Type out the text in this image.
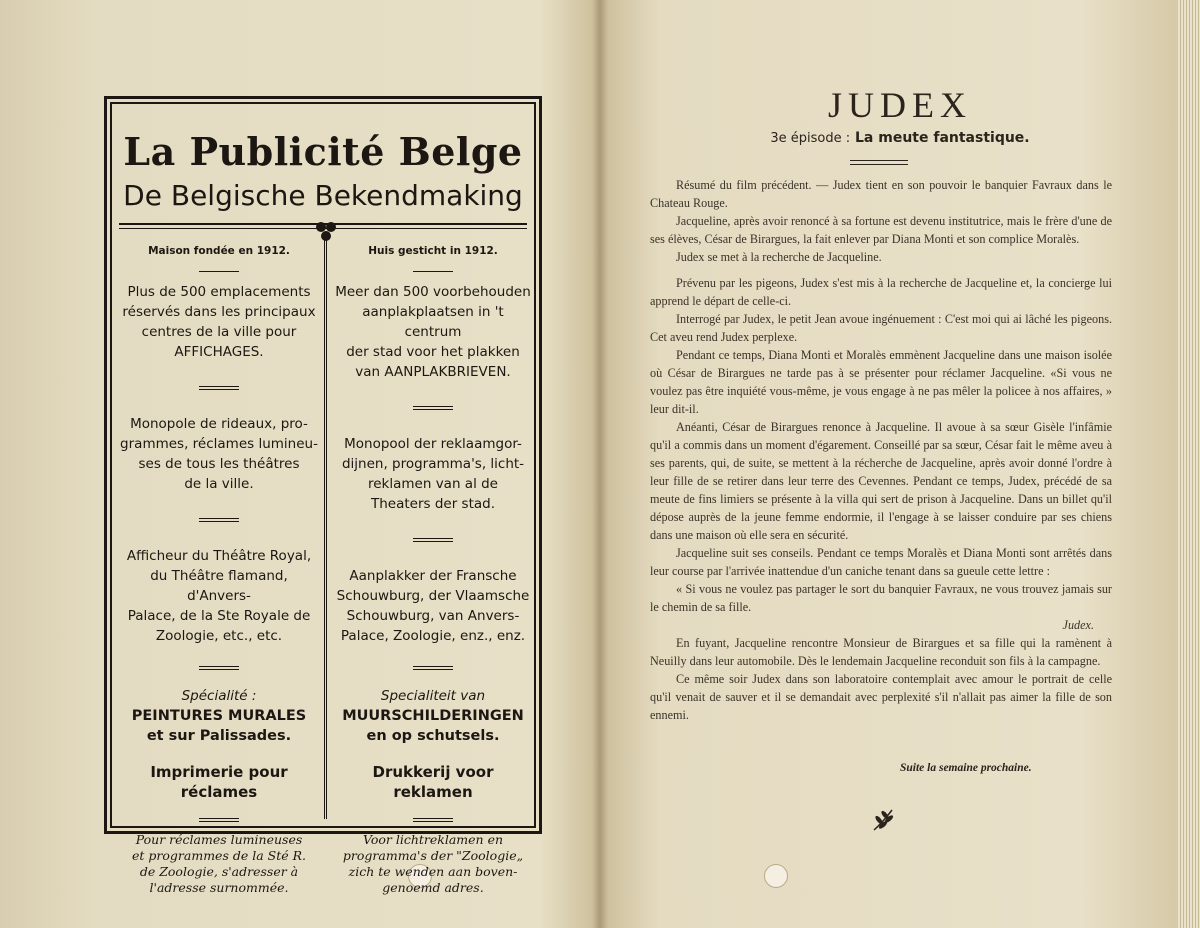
La Publicité Belge
De Belgische Bekendmaking
Maison fondée en 1912.

Plus de 500 emplacements
réservés dans les principaux
centres de la ville pour
AFFICHAGES.

Monopole de rideaux, pro-
grammes, réclames lumineu-
ses de tous les théâtres
de la ville.

Afficheur du Théâtre Royal,
du Théâtre flamand, d'Anvers-
Palace, de la Ste Royale de
Zoologie, etc., etc.

Spécialité :
PEINTURES MURALES
et sur Palissades.
Imprimerie pour réclames
Pour réclames lumineuses
et programmes de la Sté R.
de Zoologie, s'adresser à
l'adresse surnommée.
Huis gesticht in 1912.

Meer dan 500 voorbehouden
aanplakplaatsen in 't centrum
der stad voor het plakken
van AANPLAKBRIEVEN.

Monopool der reklaamgor-
dijnen, programma's, licht-
reklamen van al de
Theaters der stad.

Aanplakker der Fransche
Schouwburg, der Vlaamsche
Schouwburg, van Anvers-
Palace, Zoologie, enz., enz.

Specialiteit van
MUURSCHILDERINGEN
en op schutsels.
Drukkerij voor reklamen
Voor lichtreklamen en
programma's der "Zoologie„
zich te wenden aan boven-
genoemd adres.
JUDEX
3e épisode : La meute fantastique.

Résumé du film précédent. — Judex tient en son pouvoir le banquier Favraux dans le Chateau Rouge.

Jacqueline, après avoir renoncé à sa fortune est devenu institutrice, mais le frère d'une de ses élèves, César de Birargues, la fait enlever par Diana Monti et son complice Moralès.

Judex se met à la recherche de Jacqueline.

Prévenu par les pigeons, Judex s'est mis à la recherche de Jacqueline et, la concierge lui apprend le départ de celle-ci.

Interrogé par Judex, le petit Jean avoue ingénuement : C'est moi qui ai lâché les pigeons. Cet aveu rend Judex perplexe.

Pendant ce temps, Diana Monti et Moralès emmènent Jacqueline dans une maison isolée où César de Birargues ne tarde pas à se présenter pour réclamer Jacqueline. «Si vous ne voulez pas être inquiété vous-même, je vous engage à ne pas mêler la policee à nos affaires, » leur dit-il.

Anéanti, César de Birargues renonce à Jacqueline. Il avoue à sa sœur Gisèle l'infâmie qu'il a commis dans un moment d'égarement. Conseillé par sa sœur, César fait le même aveu à ses parents, qui, de suite, se mettent à la récherche de Jacqueline, après avoir donné l'ordre à leur fille de se retirer dans leur terre des Cevennes. Pendant ce temps, Judex, précédé de sa meute de fins limiers se présente à la villa qui sert de prison à Jacqueline. Dans un billet qu'il dépose auprès de la jeune femme endormie, il l'engage à se laisser conduire par ses chiens dans une maison où elle sera en sécurité.

Jacqueline suit ses conseils. Pendant ce temps Moralès et Diana Monti sont arrêtés dans leur course par l'arrivée inattendue d'un caniche tenant dans sa gueule cette lettre :

« Si vous ne voulez pas partager le sort du banquier Favraux, ne vous trouvez jamais sur le chemin de sa fille.

Judex.

En fuyant, Jacqueline rencontre Monsieur de Birargues et sa fille qui la ramènent à Neuilly dans leur automobile. Dès le lendemain Jacqueline reconduit son fils à la campagne.

Ce même soir Judex dans son laboratoire contemplait avec amour le portrait de celle qu'il venait de sauver et il se demandait avec perplexité s'il n'allait pas aimer la fille de son ennemi.

Suite la semaine prochaine.
